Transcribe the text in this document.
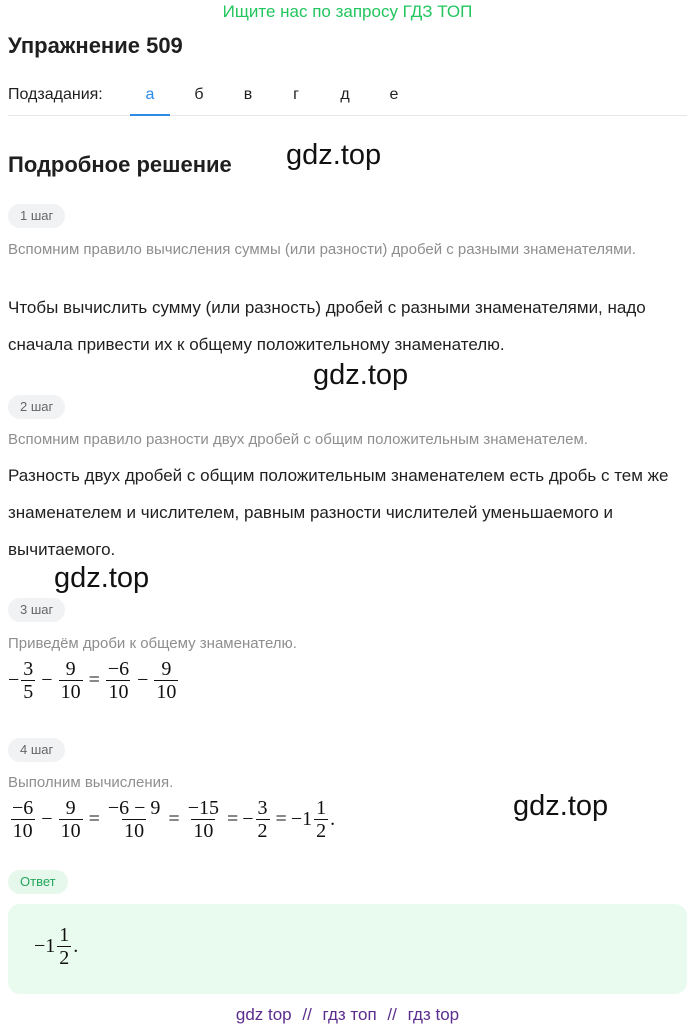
Ищите нас по запросу ГДЗ ТОП
Упражнение 509
Подзадания:	а	б	в	г	д	е
Подробное решение gdz.top
gdz.top
gdz.top
gdz.top
1 шаг
Вспомним правило вычисления суммы (или разности) дробей с разными знаменателями.
Чтобы вычислить сумму (или разность) дробей с разными знаменателями, надо сначала привести их к общему положительному знаменателю.
2 шаг
Вспомним правило разности двух дробей с общим положительным знаменателем.
Разность двух дробей с общим положительным знаменателем есть дробь с тем же знаменателем и числителем, равным разности числителей уменьшаемого и вычитаемого.
3 шаг
Приведём дроби к общему знаменателю.
− $\frac{3}{5} - \frac{9}{10} = \frac{-6}{10} - \frac{9}{10}$
4 шаг
Выполним вычисления.
$\frac{-6}{10} - \frac{9}{10} = \frac{-6 - 9}{10} = \frac{-15}{10}$ = − $\frac{3}{2} = -1 \frac{1}{2}$ .
Ответ
$-1 \frac{1}{2}$ .
gdz top // гдз топ // гдз top
